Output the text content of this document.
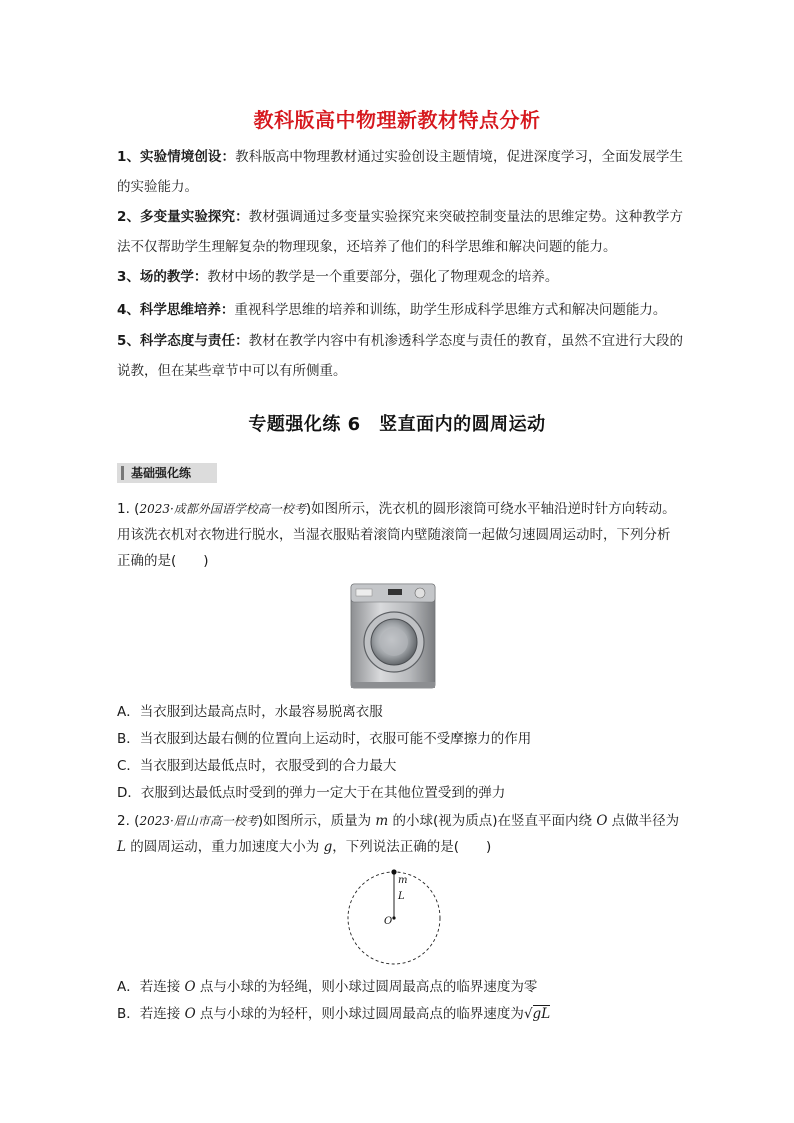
教科版高中物理新教材特点分析
1、实验情境创设：教科版高中物理教材通过实验创设主题情境，促进深度学习，全面发展学生的实验能力。
2、多变量实验探究：教材强调通过多变量实验探究来突破控制变量法的思维定势。这种教学方法不仅帮助学生理解复杂的物理现象，还培养了他们的科学思维和解决问题的能力。
3、场的教学：教材中场的教学是一个重要部分，强化了物理观念的培养。
4、科学思维培养：重视科学思维的培养和训练，助学生形成科学思维方式和解决问题能力。
5、科学态度与责任：教材在教学内容中有机渗透科学态度与责任的教育，虽然不宜进行大段的说教，但在某些章节中可以有所侧重。
专题强化练 6　竖直面内的圆周运动
基础强化练
1. (2023·成都外国语学校高一校考)如图所示，洗衣机的圆形滚筒可绕水平轴沿逆时针方向转动。用该洗衣机对衣物进行脱水，当湿衣服贴着滚筒内壁随滚筒一起做匀速圆周运动时，下列分析正确的是(　　)
A．当衣服到达最高点时，水最容易脱离衣服
B．当衣服到达最右侧的位置向上运动时，衣服可能不受摩擦力的作用
C．当衣服到达最低点时，衣服受到的合力最大
D．衣服到达最低点时受到的弹力一定大于在其他位置受到的弹力
2. (2023·眉山市高一校考)如图所示，质量为 m 的小球(视为质点)在竖直平面内绕 O 点做半径为 L 的圆周运动，重力加速度大小为 g，下列说法正确的是(　　)
m
L
O
A．若连接 O 点与小球的为轻绳，则小球过圆周最高点的临界速度为零
B．若连接 O 点与小球的为轻杆，则小球过圆周最高点的临界速度为√gL
